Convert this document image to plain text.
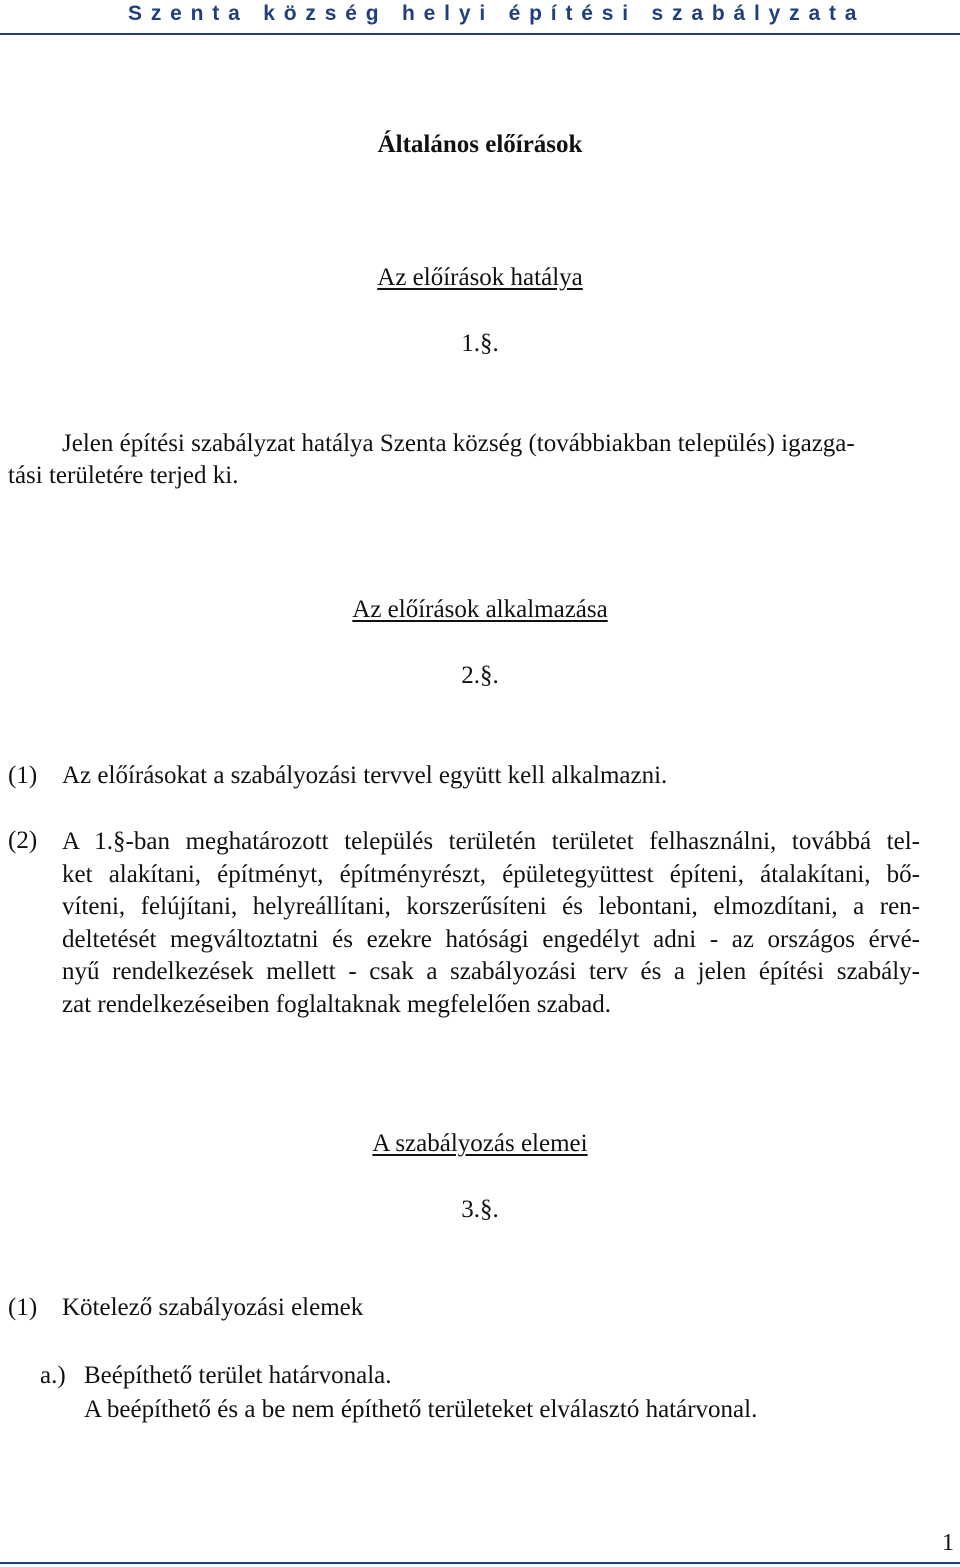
Szenta község helyi építési szabályzata
Általános előírások
Az előírások hatálya
1.§.
Jelen építési szabályzat hatálya Szenta község (továbbiakban település) igazga-
tási területére terjed ki.
Az előírások alkalmazása
2.§.
(1) Az előírásokat a szabályozási tervvel együtt kell alkalmazni.
(2) A 1.§-ban meghatározott település területén területet felhasználni, továbbá tel-

ket alakítani, építményt, építményrészt, épületegyüttest építeni, átalakítani, bő-

víteni, felújítani, helyreállítani, korszerűsíteni és lebontani, elmozdítani, a ren-

deltetését megváltoztatni és ezekre hatósági engedélyt adni - az országos érvé-

nyű rendelkezések mellett - csak a szabályozási terv és a jelen építési szabály-

zat rendelkezéseiben foglaltaknak megfelelően szabad.

A szabályozás elemei
3.§.
(1) Kötelező szabályozási elemek
a.) Beépíthető terület határvonala.
A beépíthető és a be nem építhető területeket elválasztó határvonal.
1
